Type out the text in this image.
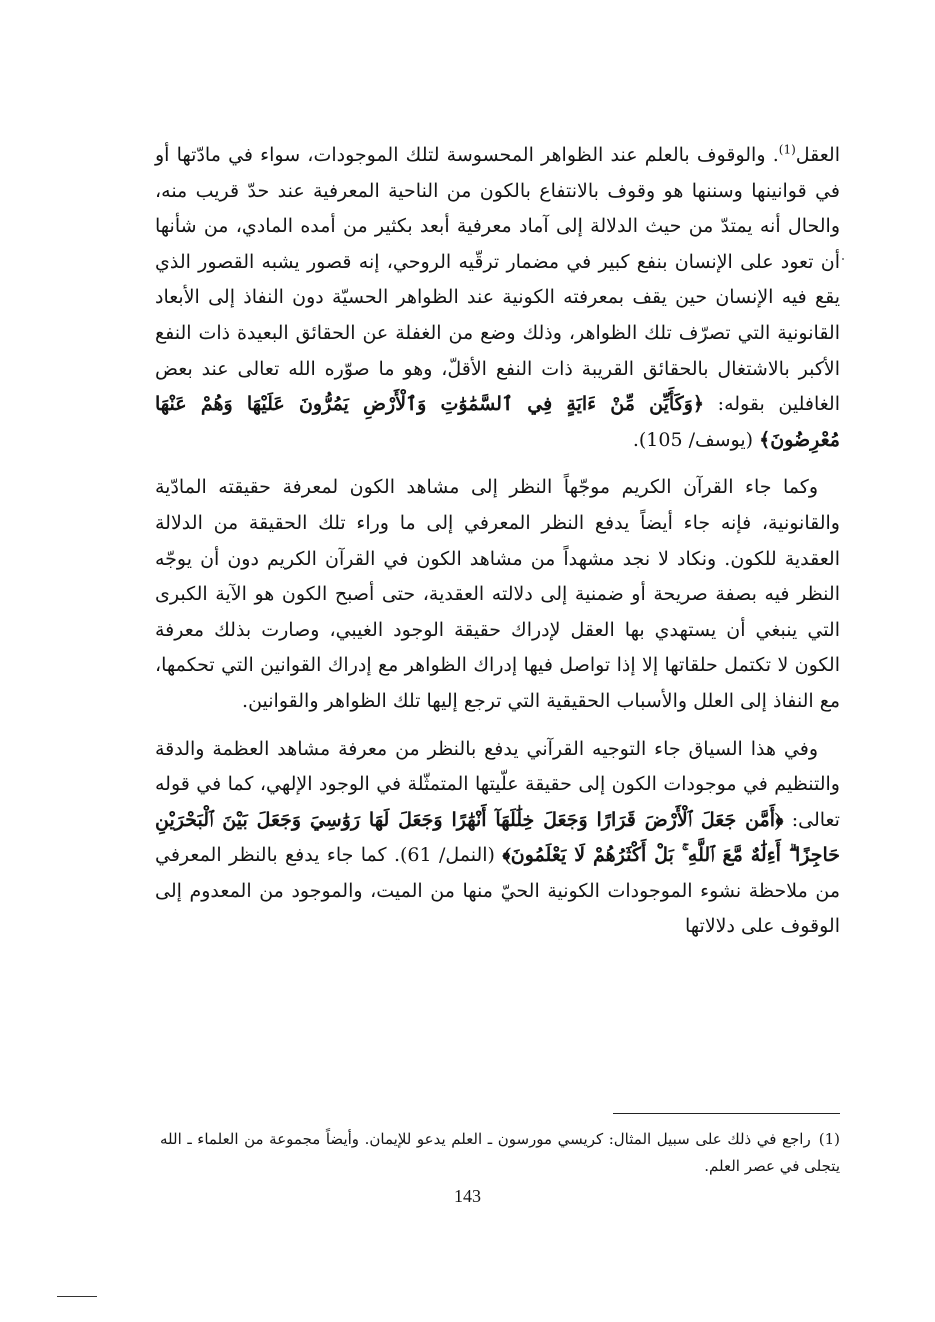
العقل$^{(1)}$. والوقوف بالعلم عند الظواهر المحسوسة لتلك الموجودات، سواء في مادّتها أو في قوانينها وسننها هو وقوف بالانتفاع بالكون من الناحية المعرفية عند حدّ قريب منه، والحال أنه يمتدّ من حيث الدلالة إلى آماد معرفية أبعد بكثير من أمده المادي، من شأنها أن تعود على الإنسان بنفع كبير في مضمار ترقّيه الروحي، إنه قصور يشبه القصور الذي يقع فيه الإنسان حين يقف بمعرفته الكونية عند الظواهر الحسيّة دون النفاذ إلى الأبعاد القانونية التي تصرّف تلك الظواهر، وذلك وضع من الغفلة عن الحقائق البعيدة ذات النفع الأكبر بالاشتغال بالحقائق القريبة ذات النفع الأقلّ، وهو ما صوّره الله تعالى عند بعض الغافلين بقوله: ﴿وَكَأَيِّن مِّنْ ءَايَةٍ فِي ٱلسَّمَٰوَٰتِ وَٱلْأَرْضِ يَمُرُّونَ عَلَيْهَا وَهُمْ عَنْهَا مُعْرِضُونَ﴾ (يوسف/ 105).

وكما جاء القرآن الكريم موجّهاً النظر إلى مشاهد الكون لمعرفة حقيقته المادّية والقانونية، فإنه جاء أيضاً يدفع النظر المعرفي إلى ما وراء تلك الحقيقة من الدلالة العقدية للكون. ونكاد لا نجد مشهداً من مشاهد الكون في القرآن الكريم دون أن يوجّه النظر فيه بصفة صريحة أو ضمنية إلى دلالته العقدية، حتى أصبح الكون هو الآية الكبرى التي ينبغي أن يستهدي بها العقل لإدراك حقيقة الوجود الغيبي، وصارت بذلك معرفة الكون لا تكتمل حلقاتها إلا إذا تواصل فيها إدراك الظواهر مع إدراك القوانين التي تحكمها، مع النفاذ إلى العلل والأسباب الحقيقية التي ترجع إليها تلك الظواهر والقوانين.

وفي هذا السياق جاء التوجيه القرآني يدفع بالنظر من معرفة مشاهد العظمة والدقة والتنظيم في موجودات الكون إلى حقيقة علّيتها المتمثّلة في الوجود الإلهي، كما في قوله تعالى: ﴿أَمَّن جَعَلَ ٱلْأَرْضَ قَرَارًا وَجَعَلَ خِلَٰلَهَآ أَنْهَٰرًا وَجَعَلَ لَهَا رَوَٰسِيَ وَجَعَلَ بَيْنَ ٱلْبَحْرَيْنِ حَاجِزًا ۗ أَءِلَٰهٌ مَّعَ ٱللَّهِ ۚ بَلْ أَكْثَرُهُمْ لَا يَعْلَمُونَ﴾ (النمل/ 61). كما جاء يدفع بالنظر المعرفي من ملاحظة نشوء الموجودات الكونية الحيّ منها من الميت، والموجود من المعدوم إلى الوقوف على دلالاتها

(1)راجع في ذلك على سبيل المثال: كريسي مورسون ـ العلم يدعو للإيمان. وأيضاً مجموعة من العلماء ـ الله يتجلى في عصر العلم.

143
